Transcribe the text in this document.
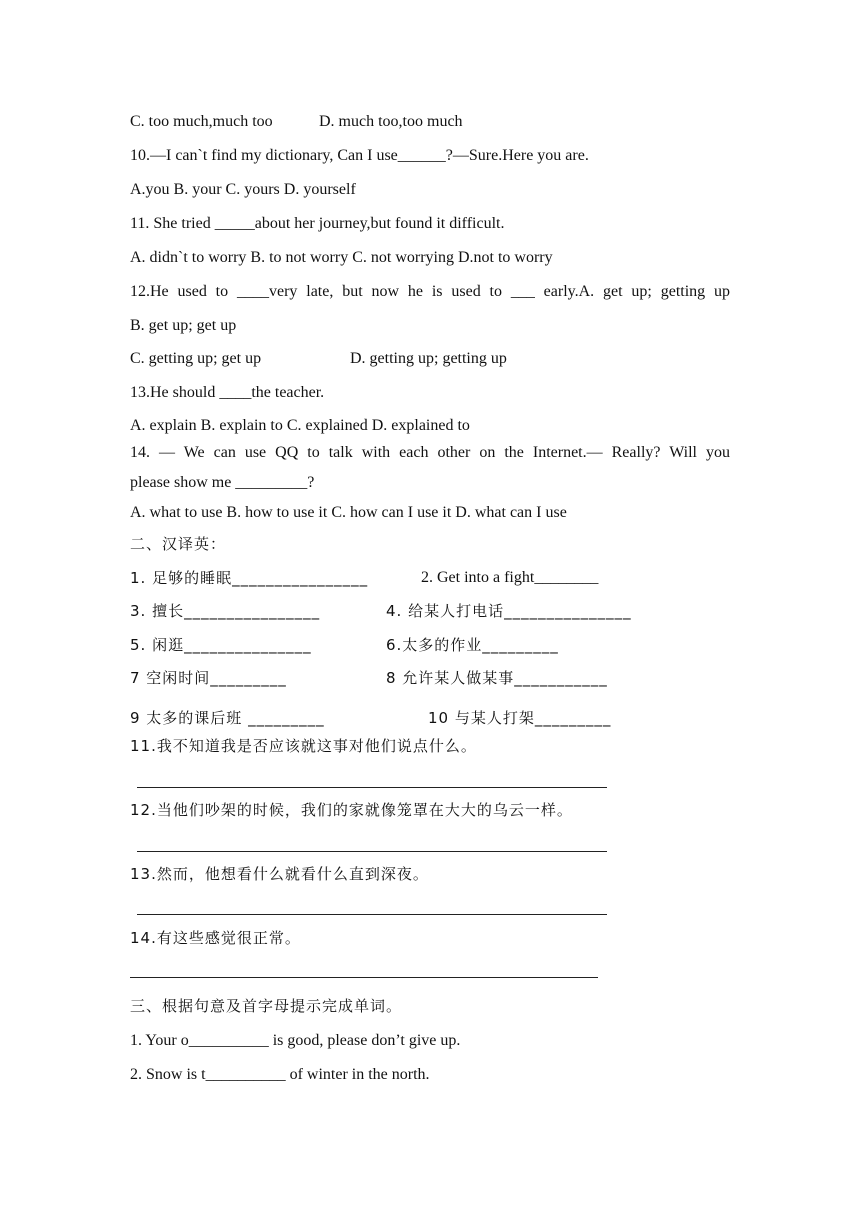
C. too much,much too	D. much too,too much
10.—I can`t find my dictionary, Can I use______?—Sure.Here you are.
A.you B. your C. yours D. yourself
11. She tried _____about her journey,but found it difficult.
A. didn`t to worry B. to not worry C. not worrying D.not to worry
12.He used to ____very late, but now he is used to ___ early.A. get up; getting up
B. get up; get up
C. getting up; get up	D. getting up; getting up
13.He should ____the teacher.
A. explain B. explain to C. explained D. explained to
14. — We can use QQ to talk with each other on the Internet.— Really? Will you
please show me _________?
A. what to use B. how to use it C. how can I use it D. what can I use
二、汉译英：
1. 足够的睡眠________________	2. Get into a fight________
3. 擅长________________	4. 给某人打电话_______________
5. 闲逛_______________	6.太多的作业_________
7 空闲时间_________	8 允许某人做某事___________
9 太多的课后班 _________	10 与某人打架_________
11.我不知道我是否应该就这事对他们说点什么。
12.当他们吵架的时候，我们的家就像笼罩在大大的乌云一样。
13.然而，他想看什么就看什么直到深夜。
14.有这些感觉很正常。
三、根据句意及首字母提示完成单词。
1. Your o__________ is good, please don’t give up.
2. Snow is t__________ of winter in the north.
